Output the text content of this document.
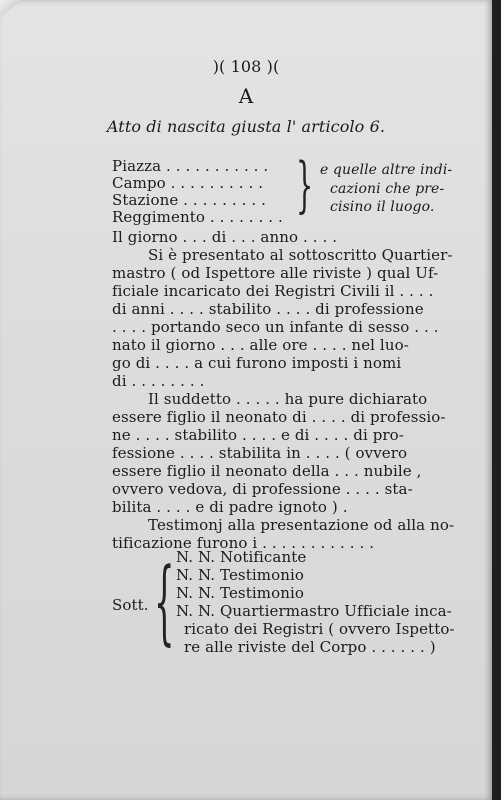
)( 108 )(
A
Atto di nascita giusta l' articolo 6.
Piazza . . . . . . . . . . .
Campo . . . . . . . . . .
Stazione . . . . . . . . .
Reggimento . . . . . . . . } e quelle altre indi-
cazioni che pre-
cisino il luogo.
Il giorno . . . di . . . anno . . . .
Si è presentato al sottoscritto Quartier-
mastro ( od Ispettore alle riviste ) qual Uf-
ficiale incaricato dei Registri Civili il . . . .
di anni . . . . stabilito . . . . di professione
. . . . portando seco un infante di sesso . . .
nato il giorno . . . alle ore . . . . nel luo-
go di . . . . a cui furono imposti i nomi
di . . . . . . . .
Il suddetto . . . . . ha pure dichiarato
essere figlio il neonato di . . . . di professio-
ne . . . . stabilito . . . . e di . . . . di pro-
fessione . . . . stabilita in . . . . ( ovvero
essere figlio il neonato della . . . nubile ,
ovvero vedova, di professione . . . . sta-
bilita . . . . e di padre ignoto ) .
Testimonj alla presentazione od alla no-
tificazione furono i . . . . . . . . . . . .
{
Sott.
N. N. Notificante
N. N. Testimonio
N. N. Testimonio
N. N. Quartiermastro Ufficiale inca-
ricato dei Registri ( ovvero Ispetto-
re alle riviste del Corpo . . . . . . )
